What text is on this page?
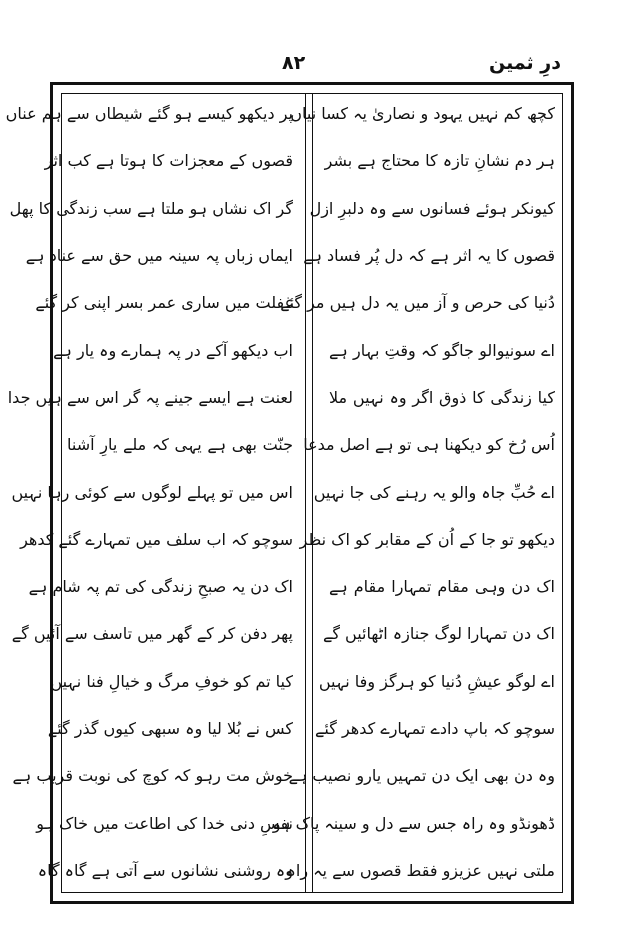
درِ ثمین
۸۲
کچھ کم نہیں یہود و نصاریٰ یہ کسا نیاں
ہر دم نشانِ تازہ کا محتاج ہے بشر
کیونکر ہوئے فسانوں سے وہ دلبرِ ازل
قصوں کا یہ اثر ہے کہ دل پُر فساد ہے
دُنیا کی حرص و آز میں یہ دل ہیں مر گئے
اے سونیوالو جاگو کہ وقتِ بہار ہے
کیا زندگی کا ذوق اگر وہ نہیں ملا
اُس رُخ کو دیکھنا ہی تو ہے اصل مدعا
اے حُبِّ جاہ والو یہ رہنے کی جا نہیں
دیکھو تو جا کے اُن کے مقابر کو اک نظر
اک دن وہی مقام تمہارا مقام ہے
اک دن تمہارا لوگ جنازہ اٹھائیں گے
اے لوگو عیشِ دُنیا کو ہرگز وفا نہیں
سوچو کہ باپ دادے تمہارے کدھر گئے
وہ دن بھی ایک دن تمہیں یارو نصیب ہے
ڈھونڈو وہ راہ جس سے دل و سینہ پاک ہو
ملتی نہیں عزیزو فقط قصوں سے یہ راہ
پر دیکھو کیسے ہو گئے شیطاں سے ہم عناں
قصوں کے معجزات کا ہوتا ہے کب اثر
گر اک نشاں ہو ملتا ہے سب زندگی کا پھل
ایماں زباں پہ سینہ میں حق سے عناد ہے
غفلت میں ساری عمر بسر اپنی کر گئے
اب دیکھو آکے در پہ ہمارے وہ یار ہے
لعنت ہے ایسے جینے پہ گر اس سے ہیں جدا
جنّت بھی ہے یہی کہ ملے یارِ آشنا
اس میں تو پہلے لوگوں سے کوئی رہا نہیں
سوچو کہ اب سلف میں تمہارے گئے کدھر
اک دن یہ صبحِ زندگی کی تم پہ شام ہے
پھر دفن کر کے گھر میں تاسف سے آئیں گے
کیا تم کو خوفِ مرگ و خیالِ فنا نہیں
کس نے بُلا لیا وہ سبھی کیوں گذر گئے
خوش مت رہو کہ کوچ کی نوبت قریب ہے
نفسِ دنی خدا کی اطاعت میں خاک ہو
وہ روشنی نشانوں سے آتی ہے گاہ گاہ
